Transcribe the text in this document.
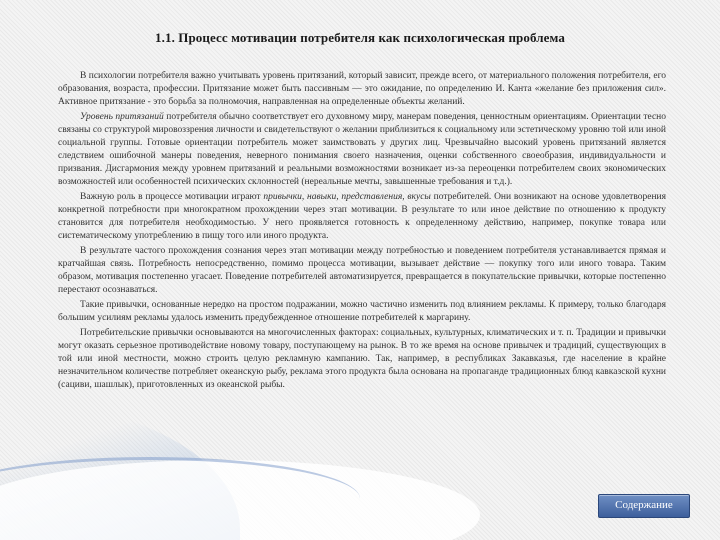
1.1. Процесс мотивации потребителя как психологическая проблема

В психологии потребителя важно учитывать уровень притязаний, который зависит, прежде всего, от материального положения потребителя, его образования, возраста, профессии. Притязание может быть пассивным — это ожидание, по определению И. Канта «желание без приложения сил». Активное притязание - это борьба за полномочия, направленная на определенные объекты желаний.

Уровень притязаний потребителя обычно соответствует его духовному миру, манерам поведения, ценностным ориентациям. Ориентации тесно связаны со структурой мировоззрения личности и свидетельствуют о желании приблизиться к социальному или эстетическому уровню той или иной социальной группы. Готовые ориентации потребитель может заимствовать у других лиц. Чрезвычайно высокий уровень притязаний является следствием ошибочной манеры поведения, неверного понимания своего назначения, оценки собственного своеобразия, индивидуальности и призвания. Дисгармония между уровнем притязаний и реальными возможностями возникает из-за переоценки потребителем своих экономических возможностей или особенностей психических склонностей (нереальные мечты, завышенные требования и т.д.).

Важную роль в процессе мотивации играют привычки, навыки, представления, вкусы потребителей. Они возникают на основе удовлетворения конкретной потребности при многократном прохождении через этап мотивации. В результате то или иное действие по отношению к продукту становится для потребителя необходимостью. У него проявляется готовность к определенному действию, например, покупке товара или систематическому употреблению в пищу того или иного продукта.

В результате частого прохождения сознания через этап мотивации между потребностью и поведением потребителя устанавливается прямая и кратчайшая связь. Потребность непосредственно, помимо процесса мотивации, вызывает действие — покупку того или иного товара. Таким образом, мотивация постепенно угасает. Поведение потребителей автоматизируется, превращается в покупательские привычки, которые постепенно перестают осознаваться.

Такие привычки, основанные нередко на простом подражании, можно частично изменить под влиянием рекламы. К примеру, только благодаря большим усилиям рекламы удалось изменить предубежденное отношение потребителей к маргарину.

Потребительские привычки основываются на многочисленных факторах: социальных, культурных, климатических и т. п. Традиции и привычки могут оказать серьезное противодействие новому товару, поступающему на рынок. В то же время на основе привычек и традиций, существующих в той или иной местности, можно строить целую рекламную кампанию. Так, например, в республиках Закавказья, где население в крайне незначительном количестве потребляет океанскую рыбу, реклама этого продукта была основана на пропаганде традиционных блюд кавказской кухни (сациви, шашлык), приготовленных из океанской рыбы.

Содержание
